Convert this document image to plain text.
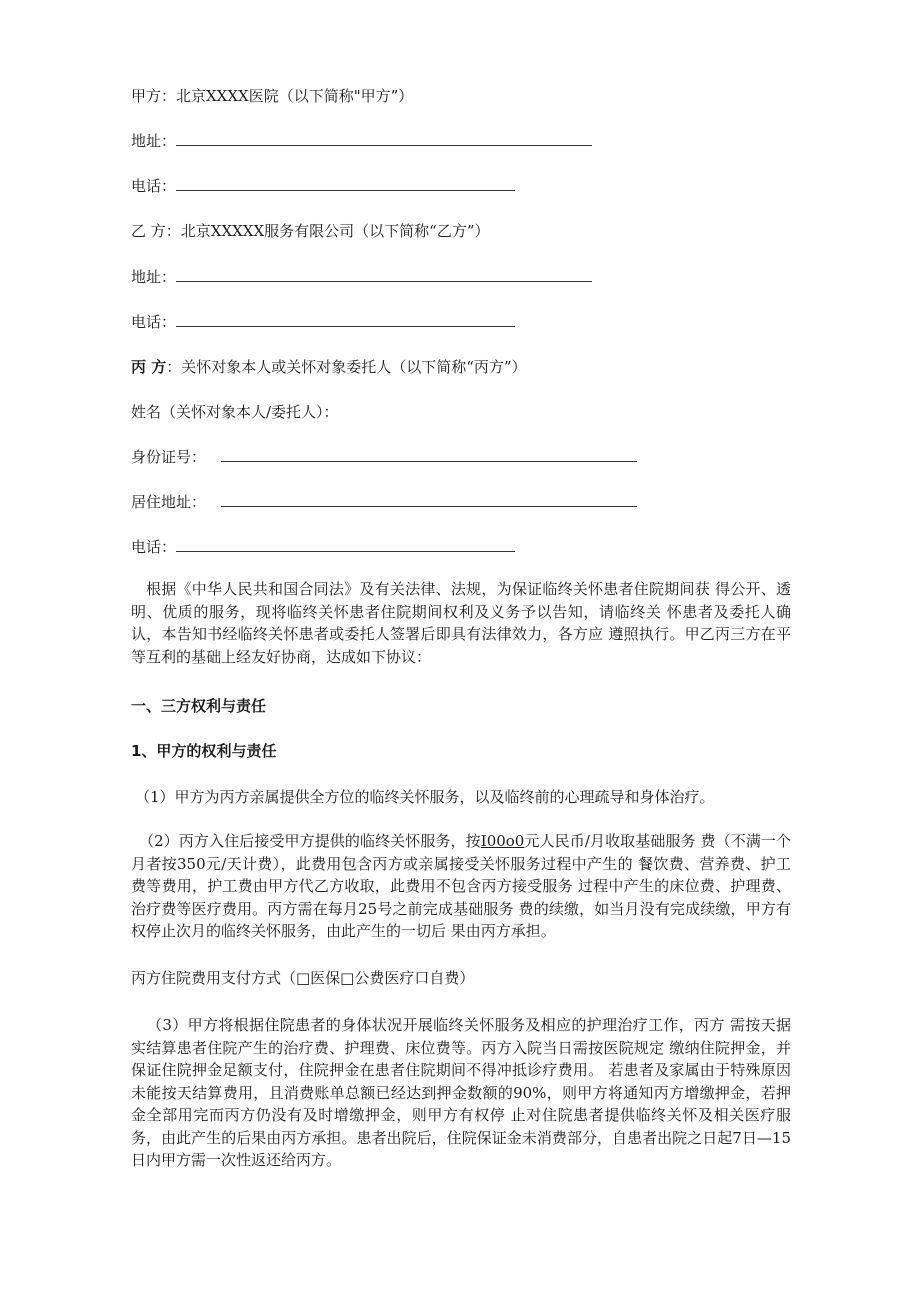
甲方：北京XXXX医院（以下简称"甲方”）
地址：
电话：
乙 方：北京XXXXX服务有限公司（以下简称“乙方”）
地址：
电话：
丙 方：关怀对象本人或关怀对象委托人（以下简称“丙方”）
姓名（关怀对象本人/委托人）：
身份证号：
居住地址：
电话：
根据《中华人民共和国合同法》及有关法律、法规，为保证临终关怀患者住院期间获 得公开、透明、优质的服务，现将临终关怀患者住院期间权利及义务予以告知，请临终关 怀患者及委托人确认，本告知书经临终关怀患者或委托人签署后即具有法律效力，各方应 遵照执行。甲乙丙三方在平等互利的基础上经友好协商，达成如下协议：
一、三方权利与责任
1、甲方的权利与责任
（1）甲方为丙方亲属提供全方位的临终关怀服务，以及临终前的心理疏导和身体治疗。
（2）丙方入住后接受甲方提供的临终关怀服务，按I00o0元人民币/月收取基础服务 费（不满一个月者按350元/天计费），此费用包含丙方或亲属接受关怀服务过程中产生的 餐饮费、营养费、护工费等费用，护工费由甲方代乙方收取，此费用不包含丙方接受服务 过程中产生的床位费、护理费、治疗费等医疗费用。丙方需在每月25号之前完成基础服务 费的续缴，如当月没有完成续缴，甲方有权停止次月的临终关怀服务，由此产生的一切后 果由丙方承担。
丙方住院费用支付方式（□医保□公费医疗口自费）
（3）甲方将根据住院患者的身体状况开展临终关怀服务及相应的护理治疗工作，丙方 需按天据实结算患者住院产生的治疗费、护理费、床位费等。丙方入院当日需按医院规定 缴纳住院押金，并保证住院押金足额支付，住院押金在患者住院期间不得冲抵诊疗费用。 若患者及家属由于特殊原因未能按天结算费用，且消费账单总额已经达到押金数额的90%，则甲方将通知丙方增缴押金，若押金全部用完而丙方仍没有及时增缴押金，则甲方有权停 止对住院患者提供临终关怀及相关医疗服务，由此产生的后果由丙方承担。患者出院后，住院保证金未消费部分，自患者出院之日起7日—15日内甲方需一次性返还给丙方。
